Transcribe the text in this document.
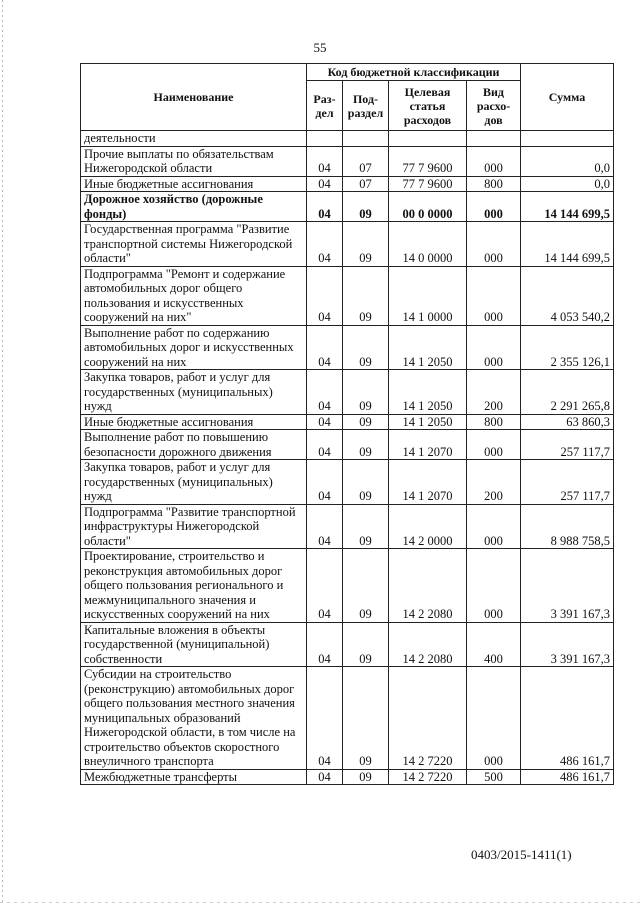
55
Наименование	Код бюджетной классификации				Сумма
	Раз- дел	Под- раздел	Целевая статья расходов	Вид расхо- дов	
деятельности					
Прочие выплаты по обязательствам Нижегородской области	04	07	77 7 9600	000	0,0
Иные бюджетные ассигнования	04	07	77 7 9600	800	0,0
Дорожное хозяйство (дорожные фонды)	04	09	00 0 0000	000	14 144 699,5
Государственная программа "Развитие транспортной системы Нижегородской области"	04	09	14 0 0000	000	14 144 699,5
Подпрограмма "Ремонт и содержание автомобильных дорог общего пользования и искусственных сооружений на них"	04	09	14 1 0000	000	4 053 540,2
Выполнение работ по содержанию автомобильных дорог и искусственных сооружений на них	04	09	14 1 2050	000	2 355 126,1
Закупка товаров, работ и услуг для государственных (муниципальных) нужд	04	09	14 1 2050	200	2 291 265,8
Иные бюджетные ассигнования	04	09	14 1 2050	800	63 860,3
Выполнение работ по повышению безопасности дорожного движения	04	09	14 1 2070	000	257 117,7
Закупка товаров, работ и услуг для государственных (муниципальных) нужд	04	09	14 1 2070	200	257 117,7
Подпрограмма "Развитие транспортной инфраструктуры Нижегородской области"	04	09	14 2 0000	000	8 988 758,5
Проектирование, строительство и реконструкция автомобильных дорог общего пользования регионального и межмуниципального значения и искусственных сооружений на них	04	09	14 2 2080	000	3 391 167,3
Капитальные вложения в объекты государственной (муниципальной) собственности	04	09	14 2 2080	400	3 391 167,3
Субсидии на строительство (реконструкцию) автомобильных дорог общего пользования местного значения муниципальных образований Нижегородской области, в том числе на строительство объектов скоростного внеуличного транспорта	04	09	14 2 7220	000	486 161,7
Межбюджетные трансферты	04	09	14 2 7220	500	486 161,7
0403/2015-1411(1)
